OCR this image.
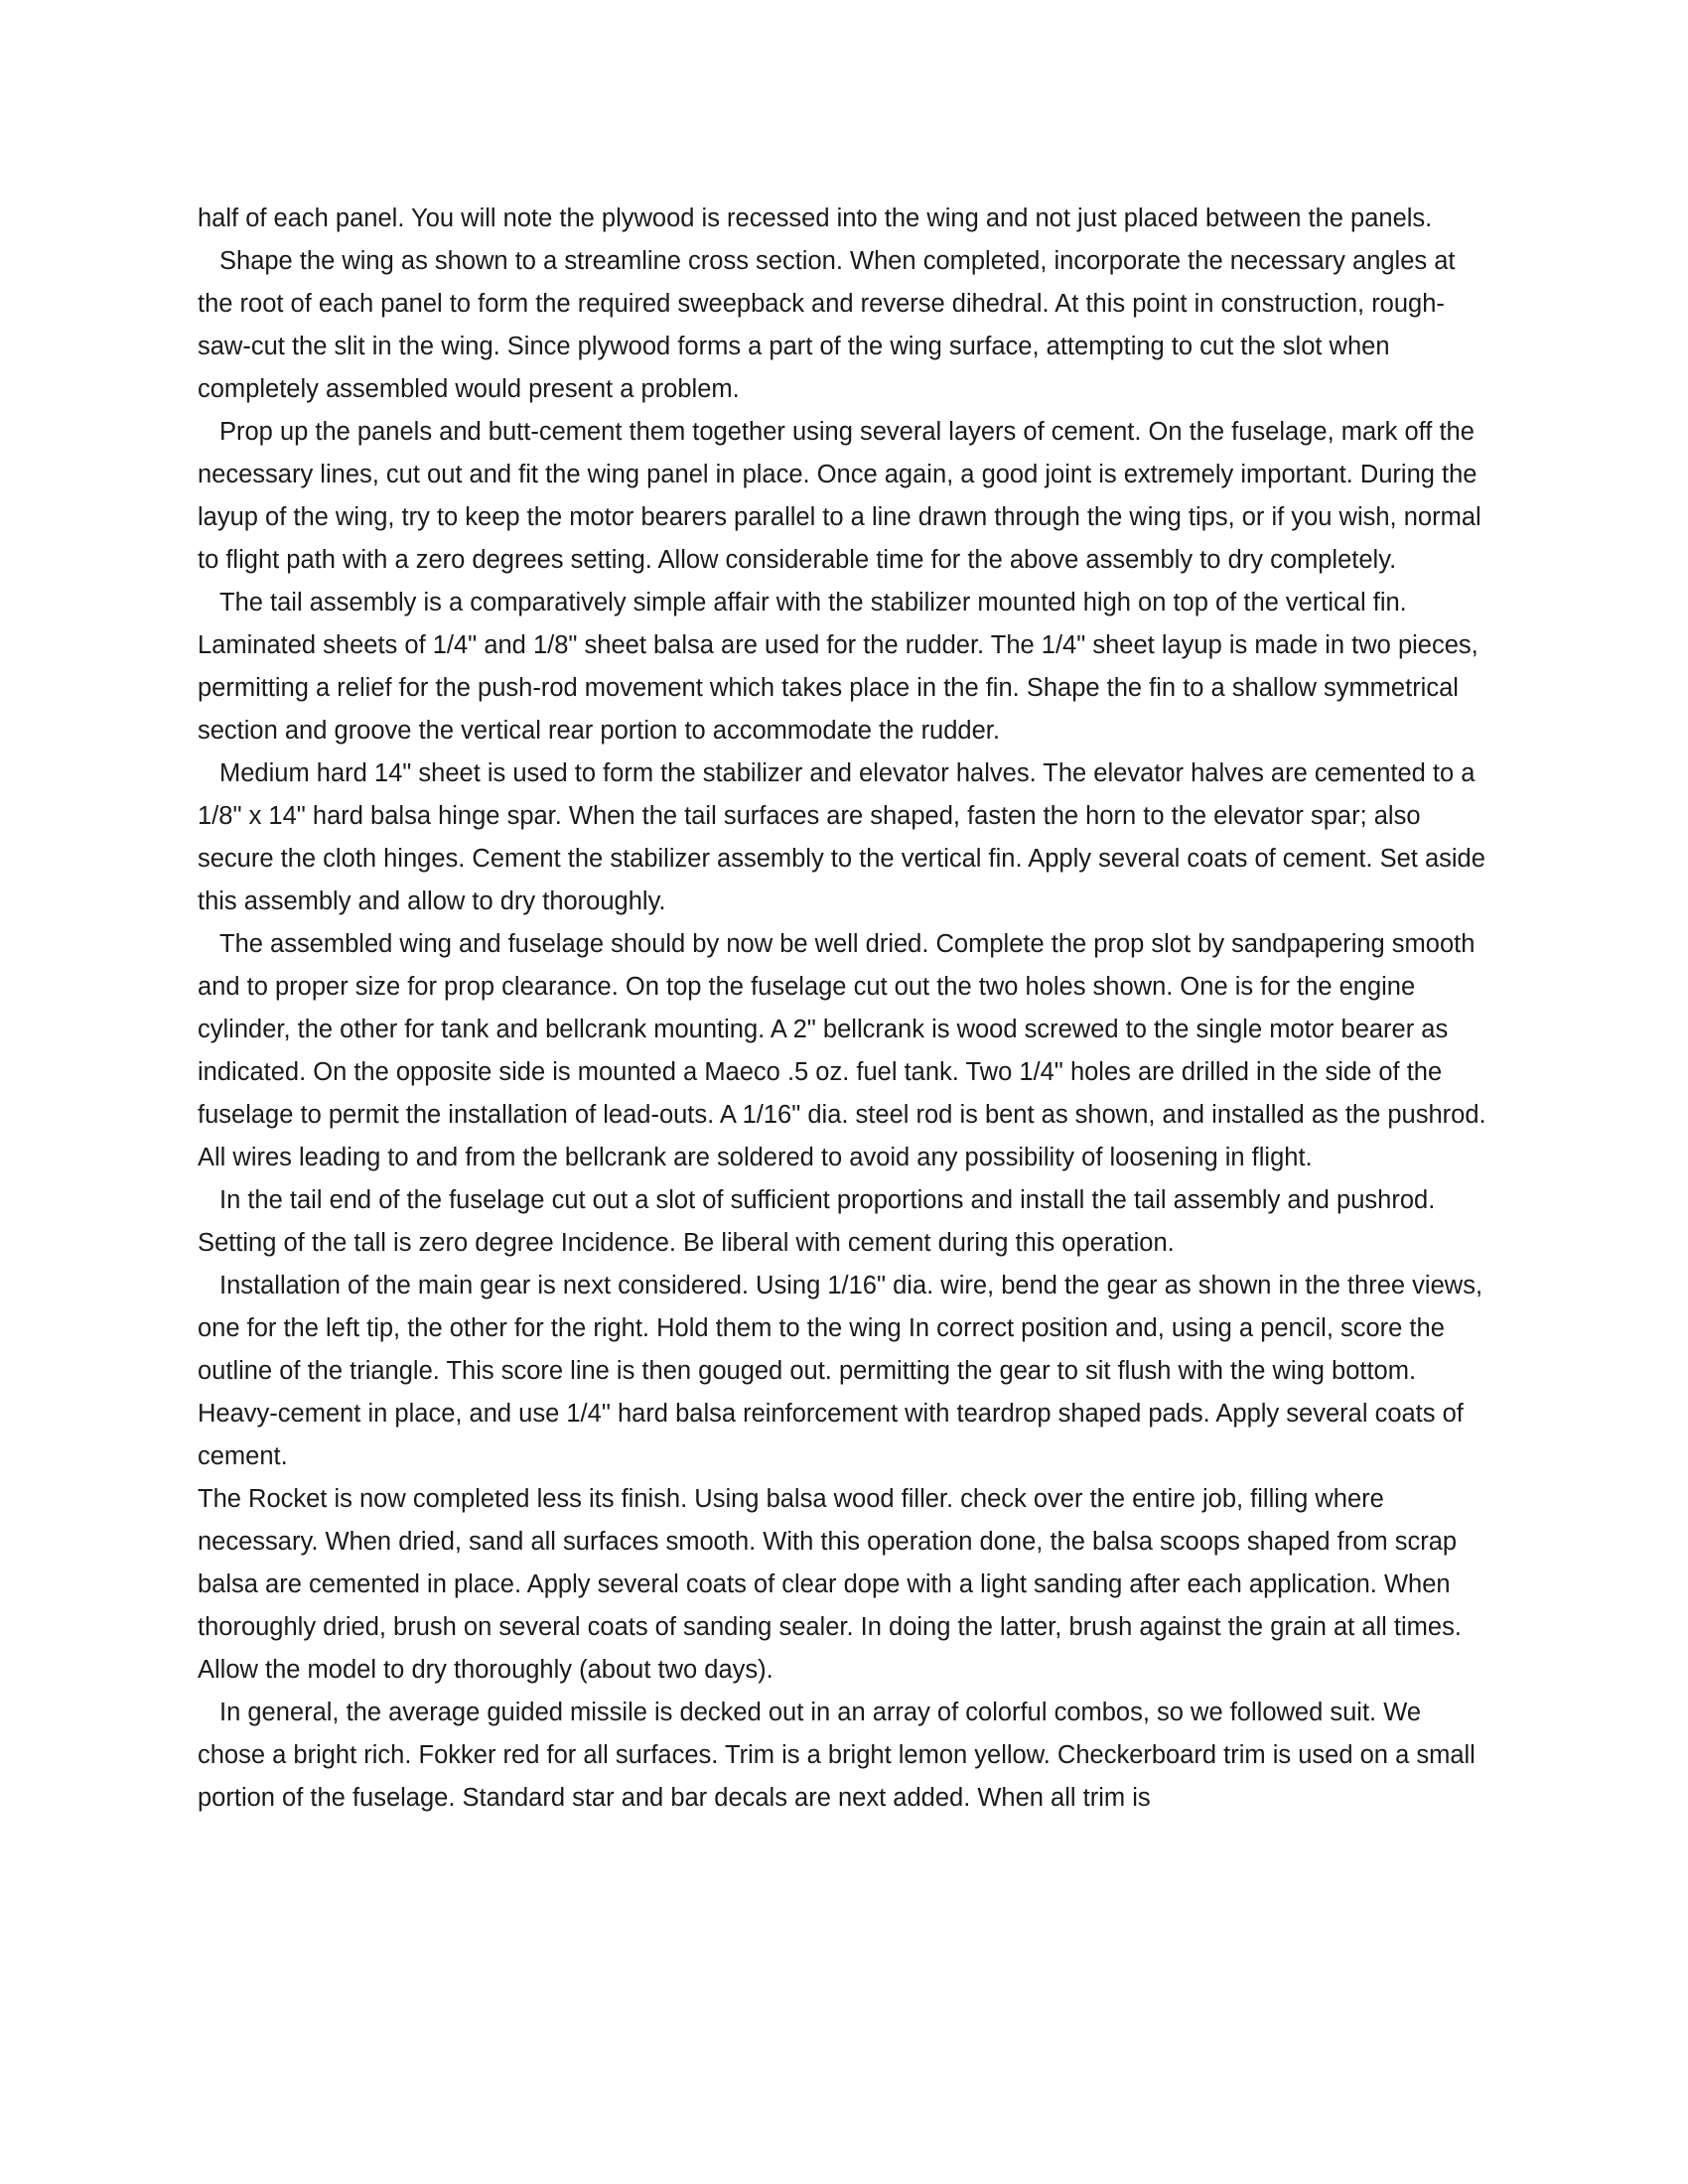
half of each panel. You will note the plywood is recessed into the wing and not just placed between the panels.

Shape the wing as shown to a streamline cross section. When completed, incorporate the necessary angles at the root of each panel to form the required sweepback and reverse dihedral. At this point in construction, rough-saw-cut the slit in the wing. Since plywood forms a part of the wing surface, attempting to cut the slot when completely assembled would present a problem.

Prop up the panels and butt-cement them together using several layers of cement. On the fuselage, mark off the necessary lines, cut out and fit the wing panel in place. Once again, a good joint is extremely important. During the layup of the wing, try to keep the motor bearers parallel to a line drawn through the wing tips, or if you wish, normal to flight path with a zero degrees setting. Allow considerable time for the above assembly to dry completely.

The tail assembly is a comparatively simple affair with the stabilizer mounted high on top of the vertical fin. Laminated sheets of 1/4" and 1/8" sheet balsa are used for the rudder. The 1/4" sheet layup is made in two pieces, permitting a relief for the push-rod movement which takes place in the fin. Shape the fin to a shallow symmetrical section and groove the vertical rear portion to accommodate the rudder.

Medium hard 14" sheet is used to form the stabilizer and elevator halves. The elevator halves are cemented to a 1/8" x 14" hard balsa hinge spar. When the tail surfaces are shaped, fasten the horn to the elevator spar; also secure the cloth hinges. Cement the stabilizer assembly to the vertical fin. Apply several coats of cement. Set aside this assembly and allow to dry thoroughly.

The assembled wing and fuselage should by now be well dried. Complete the prop slot by sandpapering smooth and to proper size for prop clearance. On top the fuselage cut out the two holes shown. One is for the engine cylinder, the other for tank and bellcrank mounting. A 2" bellcrank is wood screwed to the single motor bearer as indicated. On the opposite side is mounted a Maeco .5 oz. fuel tank. Two 1/4" holes are drilled in the side of the fuselage to permit the installation of lead-outs. A 1/16" dia. steel rod is bent as shown, and installed as the pushrod. All wires leading to and from the bellcrank are soldered to avoid any possibility of loosening in flight.

In the tail end of the fuselage cut out a slot of sufficient proportions and install the tail assembly and pushrod. Setting of the tall is zero degree Incidence. Be liberal with cement during this operation.

Installation of the main gear is next considered. Using 1/16" dia. wire, bend the gear as shown in the three views, one for the left tip, the other for the right. Hold them to the wing In correct position and, using a pencil, score the outline of the triangle. This score line is then gouged out. permitting the gear to sit flush with the wing bottom. Heavy-cement in place, and use 1/4" hard balsa reinforcement with teardrop shaped pads. Apply several coats of cement.

The Rocket is now completed less its finish. Using balsa wood filler. check over the entire job, filling where necessary. When dried, sand all surfaces smooth. With this operation done, the balsa scoops shaped from scrap balsa are cemented in place. Apply several coats of clear dope with a light sanding after each application. When thoroughly dried, brush on several coats of sanding sealer. In doing the latter, brush against the grain at all times. Allow the model to dry thoroughly (about two days).

In general, the average guided missile is decked out in an array of colorful combos, so we followed suit. We chose a bright rich. Fokker red for all surfaces. Trim is a bright lemon yellow. Checkerboard trim is used on a small portion of the fuselage. Standard star and bar decals are next added. When all trim is
